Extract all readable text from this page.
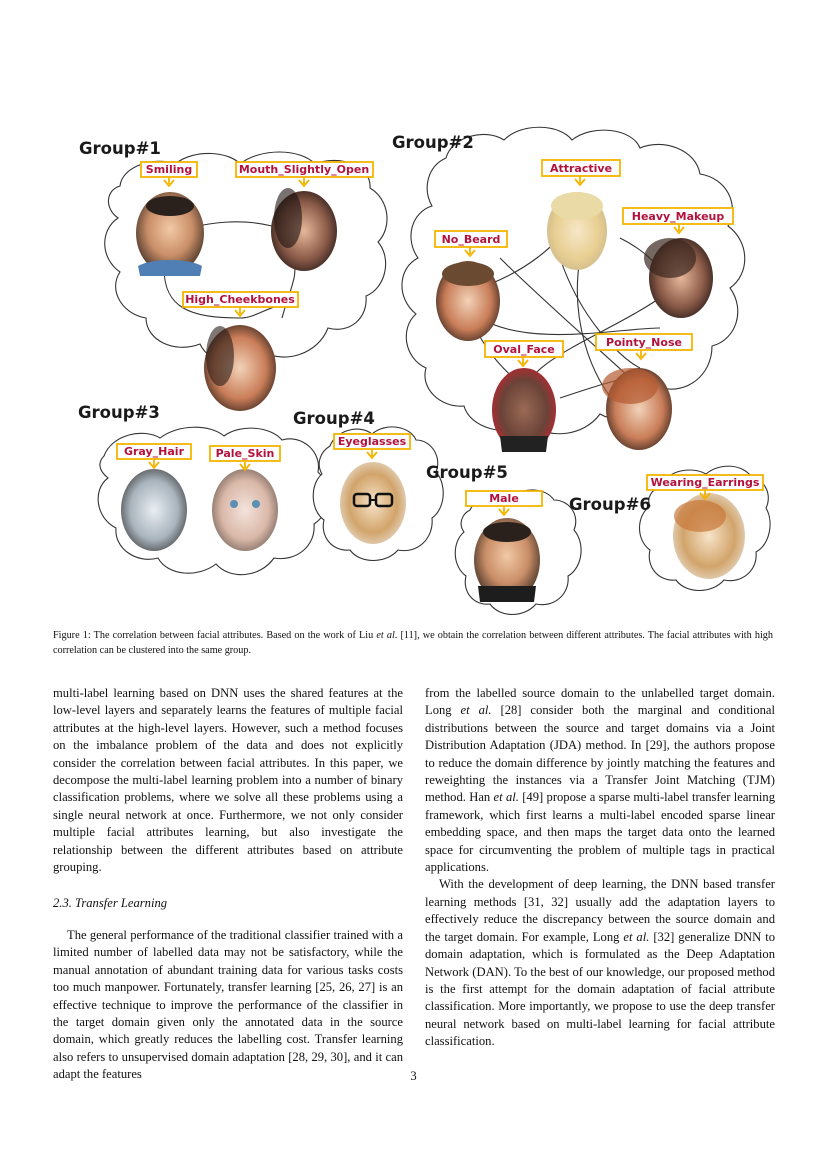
Group#1	Group#2
Group#3	Group#4
Group#5
Group#6
Smiling	Mouth_Slightly_Open
High_Cheekbones
Attractive
Heavy_Makeup
No_Beard
Oval_Face
Pointy_Nose
Gray_Hair	Pale_Skin
Eyeglasses
Male
Wearing_Earrings
Figure 1: The correlation between facial attributes. Based on the work of Liu et al. [11], we obtain the correlation between different attributes. The facial attributes with high correlation can be clustered into the same group.

multi-label learning based on DNN uses the shared features at the low-level layers and separately learns the features of multiple facial attributes at the high-level layers. However, such a method focuses on the imbalance problem of the data and does not explicitly consider the correlation between facial attributes. In this paper, we decompose the multi-label learning problem into a number of binary classification problems, where we solve all these problems using a single neural network at once. Furthermore, we not only consider multiple facial attributes learning, but also investigate the relationship between the different attributes based on attribute grouping.

2.3. Transfer Learning

The general performance of the traditional classifier trained with a limited number of labelled data may not be satisfactory, while the manual annotation of abundant training data for various tasks costs too much manpower. Fortunately, transfer learning [25, 26, 27] is an effective technique to improve the performance of the classifier in the target domain given only the annotated data in the source domain, which greatly reduces the labelling cost. Transfer learning also refers to unsupervised domain adaptation [28, 29, 30], and it can adapt the features

from the labelled source domain to the unlabelled target domain. Long et al. [28] consider both the marginal and conditional distributions between the source and target domains via a Joint Distribution Adaptation (JDA) method. In [29], the authors propose to reduce the domain difference by jointly matching the features and reweighting the instances via a Transfer Joint Matching (TJM) method. Han et al. [49] propose a sparse multi-label transfer learning framework, which first learns a multi-label encoded sparse linear embedding space, and then maps the target data onto the learned space for circumventing the problem of multiple tags in practical applications.

With the development of deep learning, the DNN based transfer learning methods [31, 32] usually add the adaptation layers to effectively reduce the discrepancy between the source domain and the target domain. For example, Long et al. [32] generalize DNN to domain adaptation, which is formulated as the Deep Adaptation Network (DAN). To the best of our knowledge, our proposed method is the first attempt for the domain adaptation of facial attribute classification. More importantly, we propose to use the deep transfer neural network based on multi-label learning for facial attribute classification.

3
